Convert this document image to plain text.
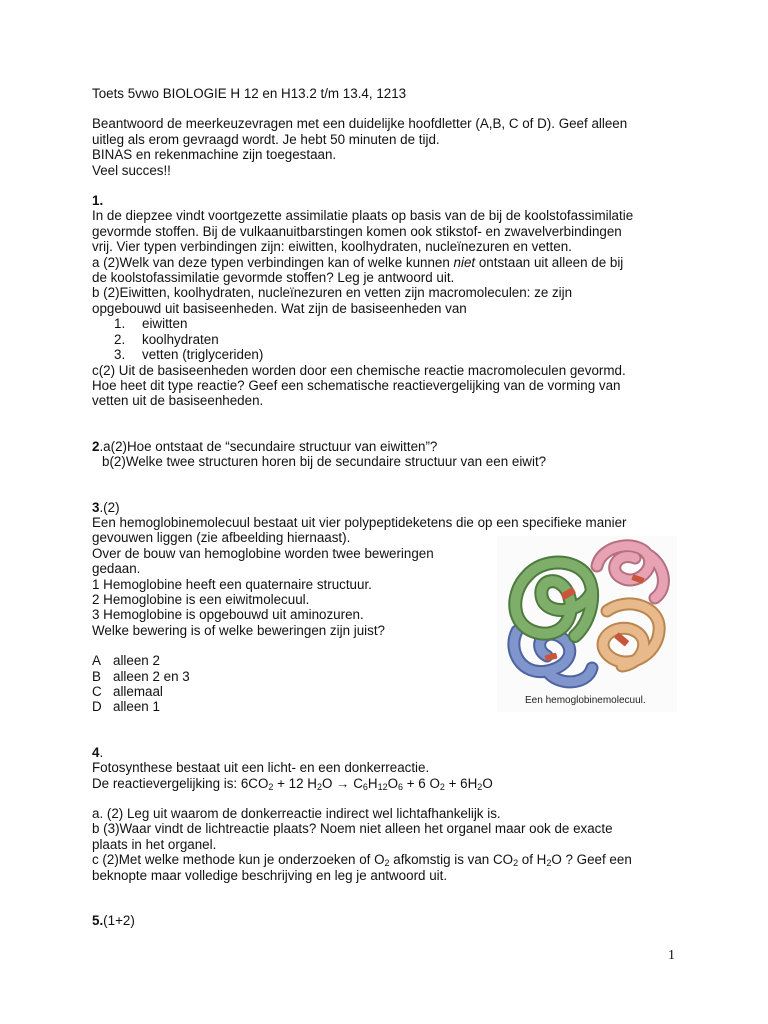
Toets 5vwo BIOLOGIE H 12 en H13.2 t/m 13.4, 1213

Beantwoord de meerkeuzevragen met een duidelijke hoofdletter (A,B, C of D). Geef alleen

uitleg als erom gevraagd wordt. Je hebt 50 minuten de tijd.

BINAS en rekenmachine zijn toegestaan.

Veel succes!!

1.

In de diepzee vindt voortgezette assimilatie plaats op basis van de bij de koolstofassimilatie

gevormde stoffen. Bij de vulkaanuitbarstingen komen ook stikstof- en zwavelverbindingen

vrij. Vier typen verbindingen zijn: eiwitten, koolhydraten, nucleïnezuren en vetten.

a (2)Welk van deze typen verbindingen kan of welke kunnen niet ontstaan uit alleen de bij

de koolstofassimilatie gevormde stoffen? Leg je antwoord uit.

b (2)Eiwitten, koolhydraten, nucleïnezuren en vetten zijn macromoleculen: ze zijn

opgebouwd uit basiseenheden. Wat zijn de basiseenheden van

1.	eiwitten
2.	koolhydraten
3.	vetten (triglyceriden)

c(2) Uit de basiseenheden worden door een chemische reactie macromoleculen gevormd.

Hoe heet dit type reactie? Geef een schematische reactievergelijking van de vorming van

vetten uit de basiseenheden.

2.a(2)Hoe ontstaat de “secundaire structuur van eiwitten”?

b(2)Welke twee structuren horen bij de secundaire structuur van een eiwit?

3.(2)

Een hemoglobinemolecuul bestaat uit vier polypeptideketens die op een specifieke manier

gevouwen liggen (zie afbeelding hiernaast).

Over de bouw van hemoglobine worden twee beweringen

gedaan.

1 Hemoglobine heeft een quaternaire structuur.

2 Hemoglobine is een eiwitmolecuul.

3 Hemoglobine is opgebouwd uit aminozuren.

Welke bewering is of welke beweringen zijn juist?

A alleen 2
B alleen 2 en 3
C allemaal
D alleen 1

4.

Fotosynthese bestaat uit een licht- en een donkerreactie.

De reactievergelijking is: $6CO_2 + 12$ $H_2O \to C_6H_{12}O_6 + 6$ $O_2 + 6H_2O$

a. (2) Leg uit waarom de donkerreactie indirect wel lichtafhankelijk is.

b (3)Waar vindt de lichtreactie plaats? Noem niet alleen het organel maar ook de exacte

plaats in het organel.

c (2)Met welke methode kun je onderzoeken of $O_2$ afkomstig is van $CO_2$ of $H_2O$ ? Geef een

beknopte maar volledige beschrijving en leg je antwoord uit.

5.(1+2)

Een hemoglobinemolecuul.
1
